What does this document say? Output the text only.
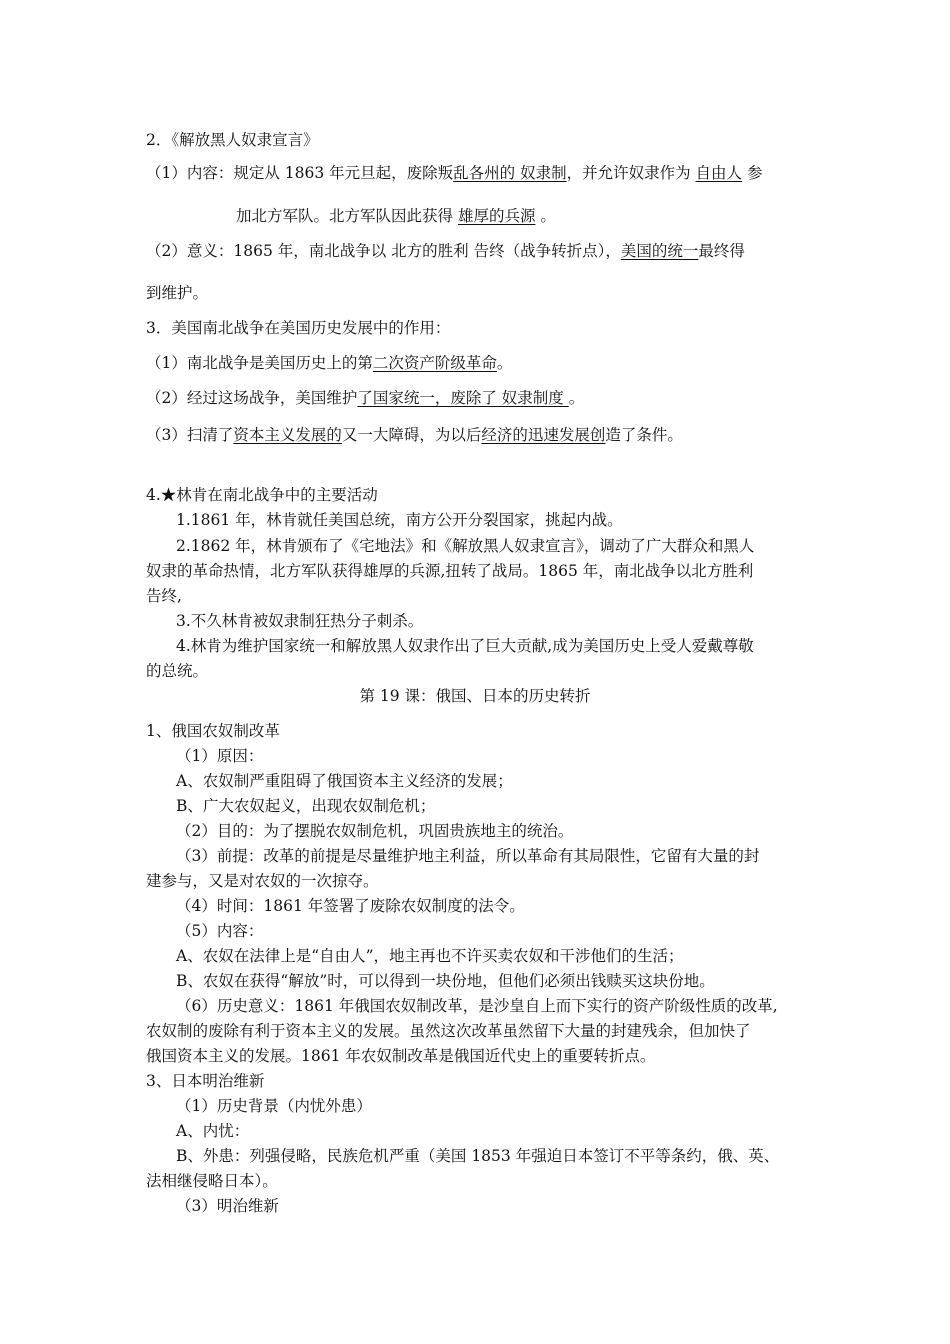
2．《解放黑人奴隶宣言》
（1）内容：规定从 1863 年元旦起，废除叛乱各州的 奴隶制，并允许奴隶作为 自由人 参
加北方军队。北方军队因此获得 雄厚的兵源 。
（2）意义：1865 年，南北战争以 北方的胜利 告终（战争转折点），美国的统一最终得
到维护。
3．美国南北战争在美国历史发展中的作用：
（1）南北战争是美国历史上的第二次资产阶级革命。
（2）经过这场战争，美国维护了国家统一，废除了 奴隶制度 。
（3）扫清了资本主义发展的又一大障碍，为以后经济的迅速发展创造了条件。
4.★林肯在南北战争中的主要活动
1.1861 年，林肯就任美国总统，南方公开分裂国家，挑起内战。
2.1862 年，林肯颁布了《宅地法》和《解放黑人奴隶宣言》，调动了广大群众和黑人
奴隶的革命热情，北方军队获得雄厚的兵源,扭转了战局。1865 年，南北战争以北方胜利
告终,
3.不久林肯被奴隶制狂热分子刺杀。
4.林肯为维护国家统一和解放黑人奴隶作出了巨大贡献,成为美国历史上受人爱戴尊敬
的总统。
第 19 课：俄国、日本的历史转折
1、俄国农奴制改革
（1）原因：
A、农奴制严重阻碍了俄国资本主义经济的发展；
B、广大农奴起义，出现农奴制危机；
（2）目的：为了摆脱农奴制危机，巩固贵族地主的统治。
（3）前提：改革的前提是尽量维护地主利益，所以革命有其局限性，它留有大量的封
建参与，又是对农奴的一次掠夺。
（4）时间：1861 年签署了废除农奴制度的法令。
（5）内容：
A、农奴在法律上是“自由人”，地主再也不许买卖农奴和干涉他们的生活；
B、农奴在获得“解放”时，可以得到一块份地，但他们必须出钱赎买这块份地。
（6）历史意义：1861 年俄国农奴制改革，是沙皇自上而下实行的资产阶级性质的改革,
农奴制的废除有利于资本主义的发展。虽然这次改革虽然留下大量的封建残余，但加快了
俄国资本主义的发展。1861 年农奴制改革是俄国近代史上的重要转折点。
3、日本明治维新
（1）历史背景（内忧外患）
A、内忧：
B、外患：列强侵略，民族危机严重（美国 1853 年强迫日本签订不平等条约，俄、英、
法相继侵略日本）。
（3）明治维新
